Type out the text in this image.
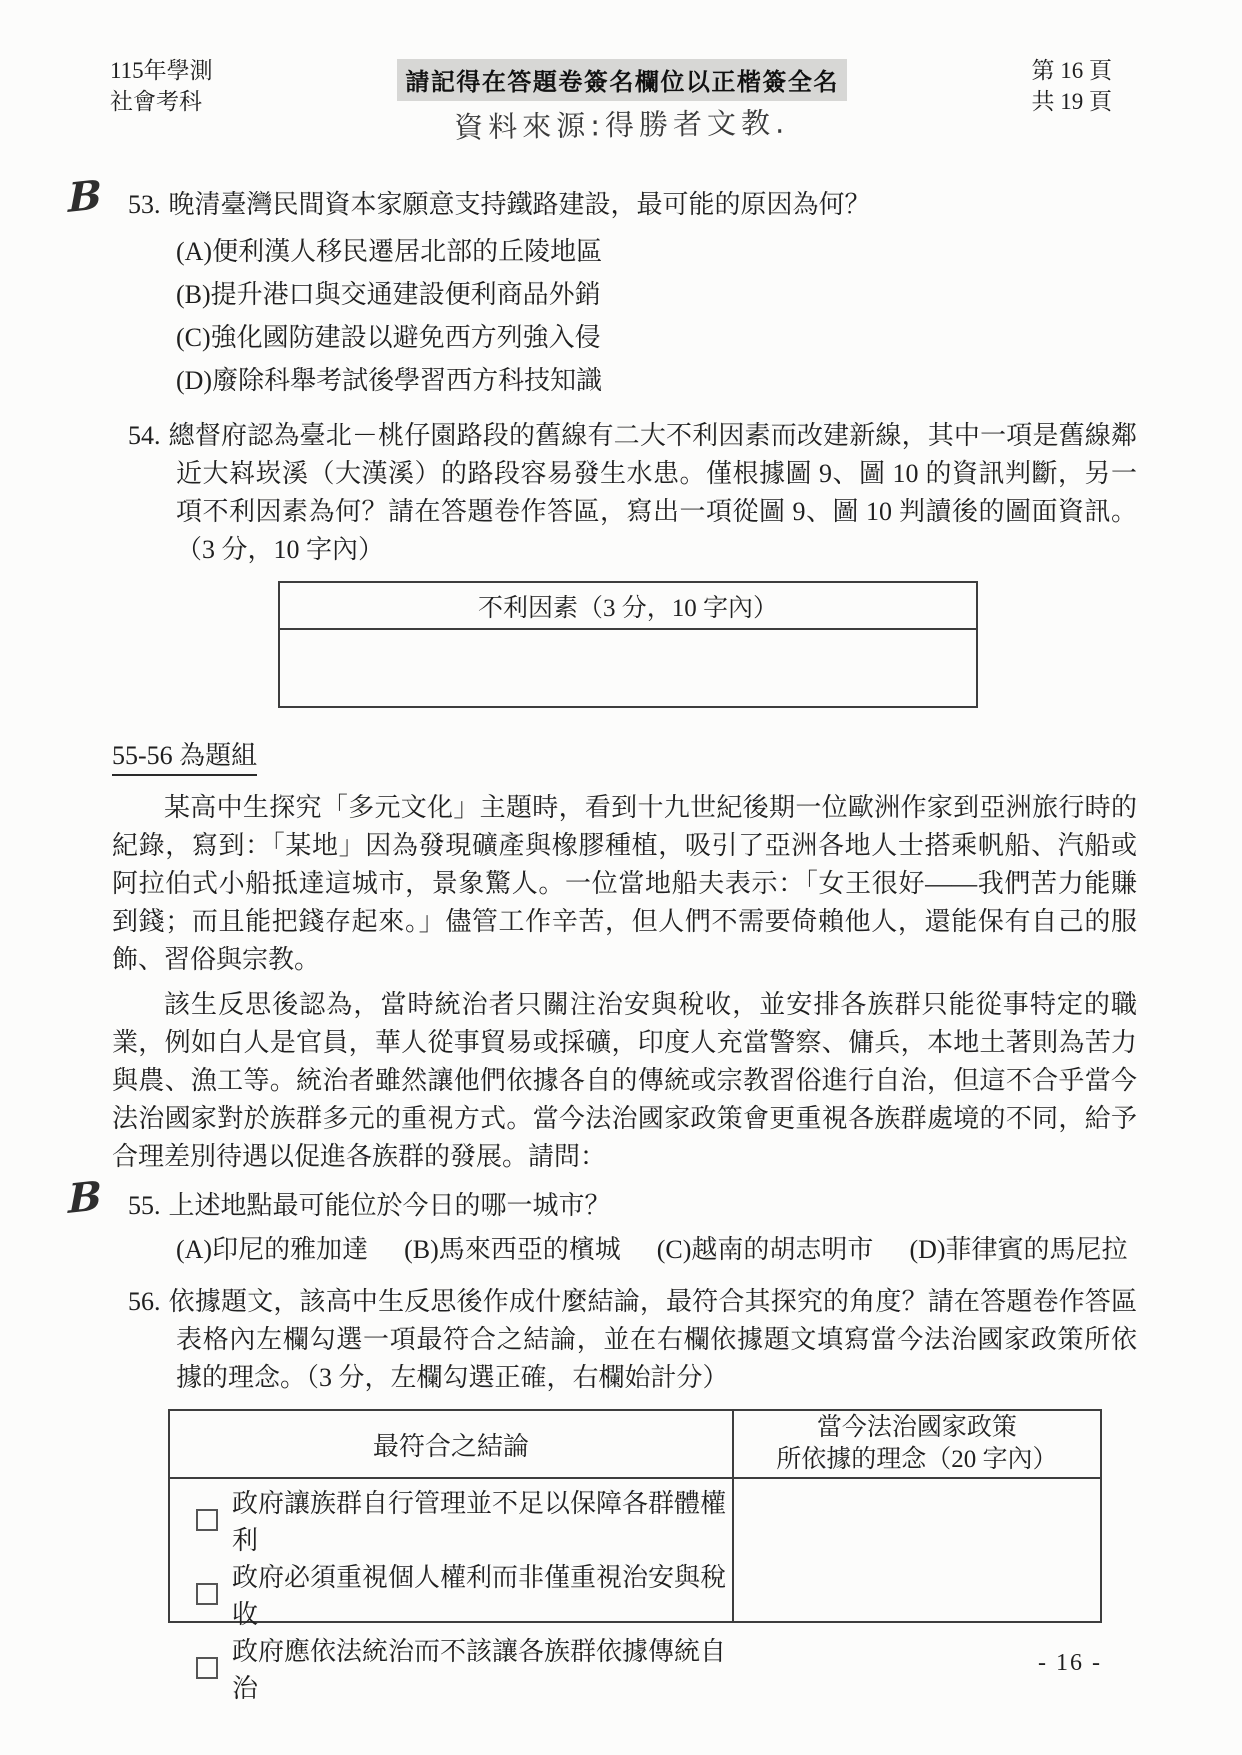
115年學測
社會考科
請記得在答題卷簽名欄位以正楷簽全名
資料來源:得勝者文教.
第 16 頁
共 19 頁
B 53. 晚清臺灣民間資本家願意支持鐵路建設，最可能的原因為何？
(A)便利漢人移民遷居北部的丘陵地區
(B)提升港口與交通建設便利商品外銷
(C)強化國防建設以避免西方列強入侵
(D)廢除科舉考試後學習西方科技知識
54. 總督府認為臺北－桃仔園路段的舊線有二大不利因素而改建新線，其中一項是舊線鄰近大嵙崁溪（大漢溪）的路段容易發生水患。僅根據圖 9、圖 10 的資訊判斷，另一項不利因素為何？請在答題卷作答區，寫出一項從圖 9、圖 10 判讀後的圖面資訊。（3 分，10 字內）
不利因素（3 分，10 字內）
55-56 為題組
某高中生探究「多元文化」主題時，看到十九世紀後期一位歐洲作家到亞洲旅行時的紀錄，寫到：「某地」因為發現礦產與橡膠種植，吸引了亞洲各地人士搭乘帆船、汽船或阿拉伯式小船抵達這城市，景象驚人。一位當地船夫表示：「女王很好——我們苦力能賺到錢；而且能把錢存起來。」儘管工作辛苦，但人們不需要倚賴他人，還能保有自己的服飾、習俗與宗教。
該生反思後認為，當時統治者只關注治安與稅收，並安排各族群只能從事特定的職業，例如白人是官員，華人從事貿易或採礦，印度人充當警察、傭兵，本地土著則為苦力與農、漁工等。統治者雖然讓他們依據各自的傳統或宗教習俗進行自治，但這不合乎當今法治國家對於族群多元的重視方式。當今法治國家政策會更重視各族群處境的不同，給予合理差別待遇以促進各族群的發展。請問：
B 55. 上述地點最可能位於今日的哪一城市？
(A)印尼的雅加達 (B)馬來西亞的檳城 (C)越南的胡志明市 (D)菲律賓的馬尼拉
56. 依據題文，該高中生反思後作成什麼結論，最符合其探究的角度？請在答題卷作答區表格內左欄勾選一項最符合之結論，並在右欄依據題文填寫當今法治國家政策所依據的理念。（3 分，左欄勾選正確，右欄始計分）
最符合之結論
當今法治國家政策
所依據的理念（20 字內）
政府讓族群自行管理並不足以保障各群體權利
政府必須重視個人權利而非僅重視治安與稅收
政府應依法統治而不該讓各族群依據傳統自治
- 16 -
